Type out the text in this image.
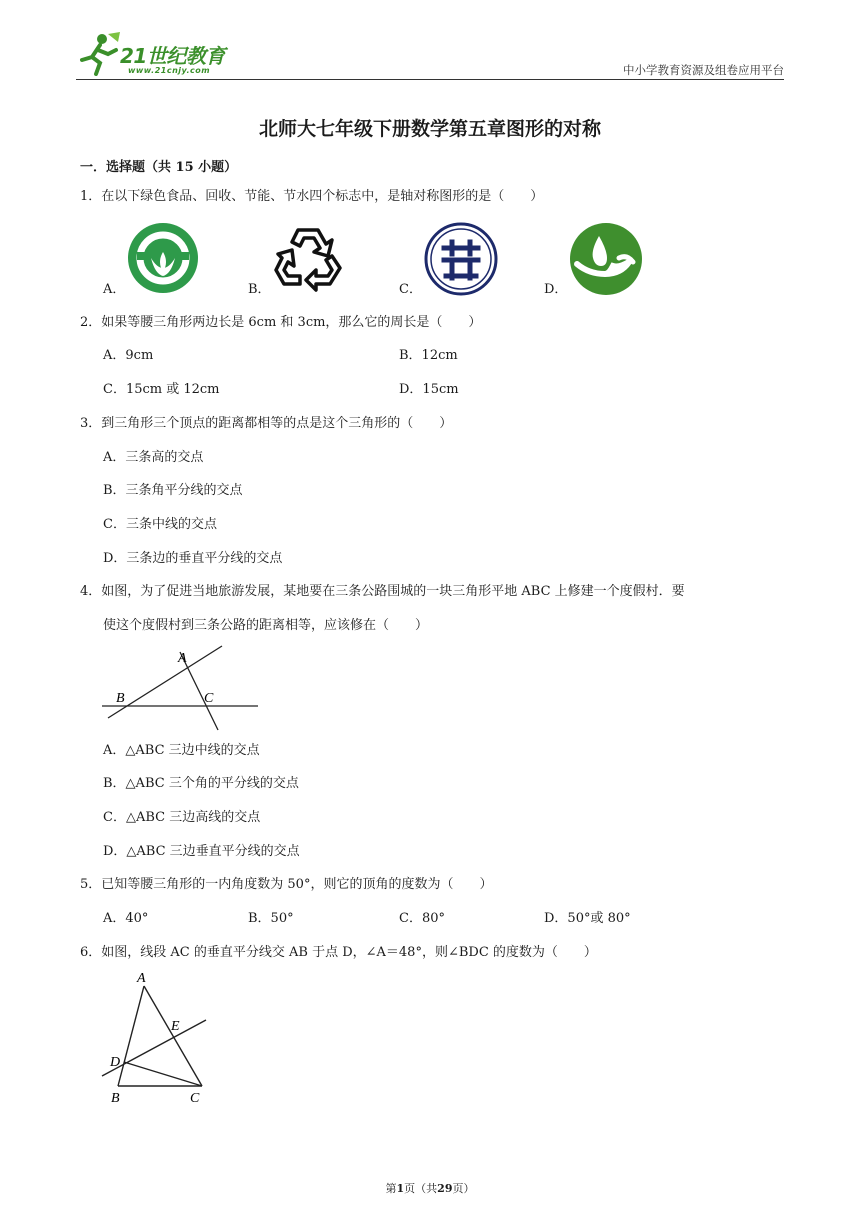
21世纪教育
www.21cnjy.com	中小学教育资源及组卷应用平台
北师大七年级下册数学第五章图形的对称
一．选择题（共 15 小题）
1．在以下绿色食品、回收、节能、节水四个标志中，是轴对称图形的是（　　）
A．	B．	C．	D．
2．如果等腰三角形两边长是 6cm 和 3cm，那么它的周长是（　　）
A．9cm	B．12cm
C．15cm 或 12cm	D．15cm
3．到三角形三个顶点的距离都相等的点是这个三角形的（　　）
A．三条高的交点
B．三条角平分线的交点
C．三条中线的交点
D．三条边的垂直平分线的交点
4．如图，为了促进当地旅游发展，某地要在三条公路围城的一块三角形平地 ABC 上修建一个度假村．要
使这个度假村到三条公路的距离相等，应该修在（　　）
A
B	C
A．△ABC 三边中线的交点
B．△ABC 三个角的平分线的交点
C．△ABC 三边高线的交点
D．△ABC 三边垂直平分线的交点
5．已知等腰三角形的一内角度数为 50°，则它的顶角的度数为（　　）
A．40°	B．50°	C．80°	D．50°或 80°
6．如图，线段 AC 的垂直平分线交 AB 于点 D，∠A＝48°，则∠BDC 的度数为（　　）
A
E
D
B	C
第1页（共29页）
